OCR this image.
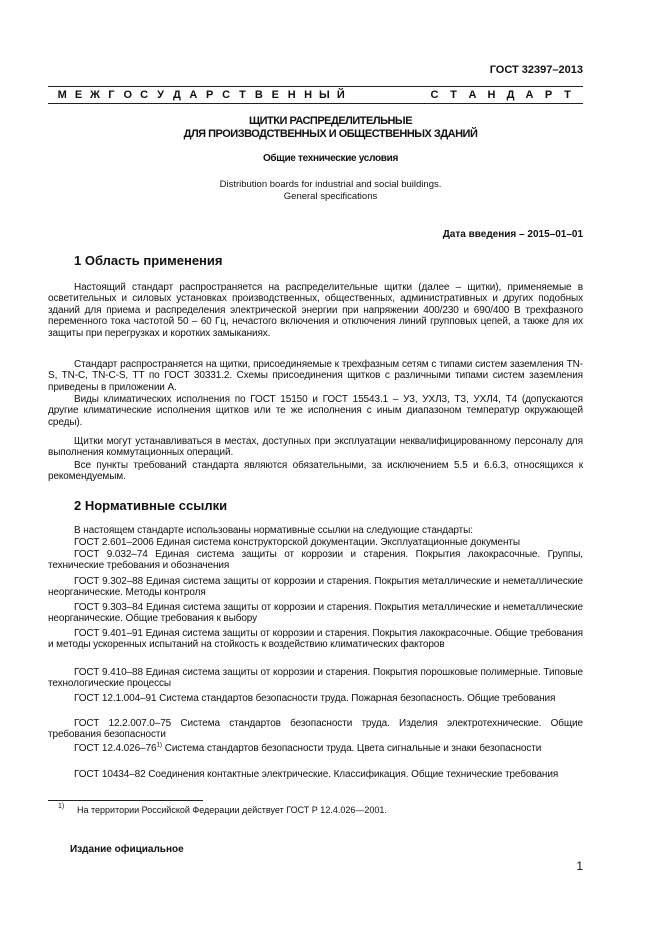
ГОСТ 32397–2013
М Е Ж Г О С У Д А Р С Т В Е Н Н Ы Й	С	Т	А	Н	Д	А	Р	Т
ЩИТКИ РАСПРЕДЕЛИТЕЛЬНЫЕ
ДЛЯ ПРОИЗВОДСТВЕННЫХ И ОБЩЕСТВЕННЫХ ЗДАНИЙ
Общие технические условия
Distribution boards for industrial and social buildings.
General specifications
Дата введения – 2015–01–01
1 Область применения
Настоящий стандарт распространяется на распределительные щитки (далее – щитки), применяемые в осветительных и силовых установках производственных, общественных, административных и других подобных зданий для приема и распределения электрической энергии при напряжении 400/230 и 690/400 В трехфазного переменного тока частотой 50 – 60 Гц, нечастого включения и отключения линий групповых цепей, а также для их защиты при перегрузках и коротких замыканиях.
Стандарт распространяется на щитки, присоединяемые к трехфазным сетям с типами систем заземления TN-S, TN-C, TN-C-S, TT по ГОСТ 30331.2. Схемы присоединения щитков с различными типами систем заземления приведены в приложении А.
Виды климатических исполнения по ГОСТ 15150 и ГОСТ 15543.1 – У3, УХЛ3, Т3, УХЛ4, Т4 (допускаются другие климатические исполнения щитков или те же исполнения с иным диапазоном температур окружающей среды).
Щитки могут устанавливаться в местах, доступных при эксплуатации неквалифицированному персоналу для выполнения коммутационных операций.
Все пункты требований стандарта являются обязательными, за исключением 5.5 и 6.6.3, относящихся к рекомендуемым.
2 Нормативные ссылки
В настоящем стандарте использованы нормативные ссылки на следующие стандарты:
ГОСТ 2.601–2006 Единая система конструкторской документации. Эксплуатационные документы
ГОСТ 9.032–74 Единая система защиты от коррозии и старения. Покрытия лакокрасочные. Группы, технические требования и обозначения
ГОСТ 9.302–88 Единая система защиты от коррозии и старения. Покрытия металлические и неметаллические неорганические. Методы контроля
ГОСТ 9.303–84 Единая система защиты от коррозии и старения. Покрытия металлические и неметаллические неорганические. Общие требования к выбору
ГОСТ 9.401–91 Единая система защиты от коррозии и старения. Покрытия лакокрасочные. Общие требования и методы ускоренных испытаний на стойкость к воздействию климатических факторов
ГОСТ 9.410–88 Единая система защиты от коррозии и старения. Покрытия порошковые полимерные. Типовые технологические процессы
ГОСТ 12.1.004–91 Система стандартов безопасности труда. Пожарная безопасность. Общие требования
ГОСТ 12.2.007.0–75 Система стандартов безопасности труда. Изделия электротехнические. Общие требования безопасности
ГОСТ 12.4.026–76$^{1)}$ Система стандартов безопасности труда. Цвета сигнальные и знаки безопасности
ГОСТ 10434–82 Соединения контактные электрические. Классификация. Общие технические требования
1) На территории Российской Федерации действует ГОСТ Р 12.4.026—2001.
Издание официальное
1
